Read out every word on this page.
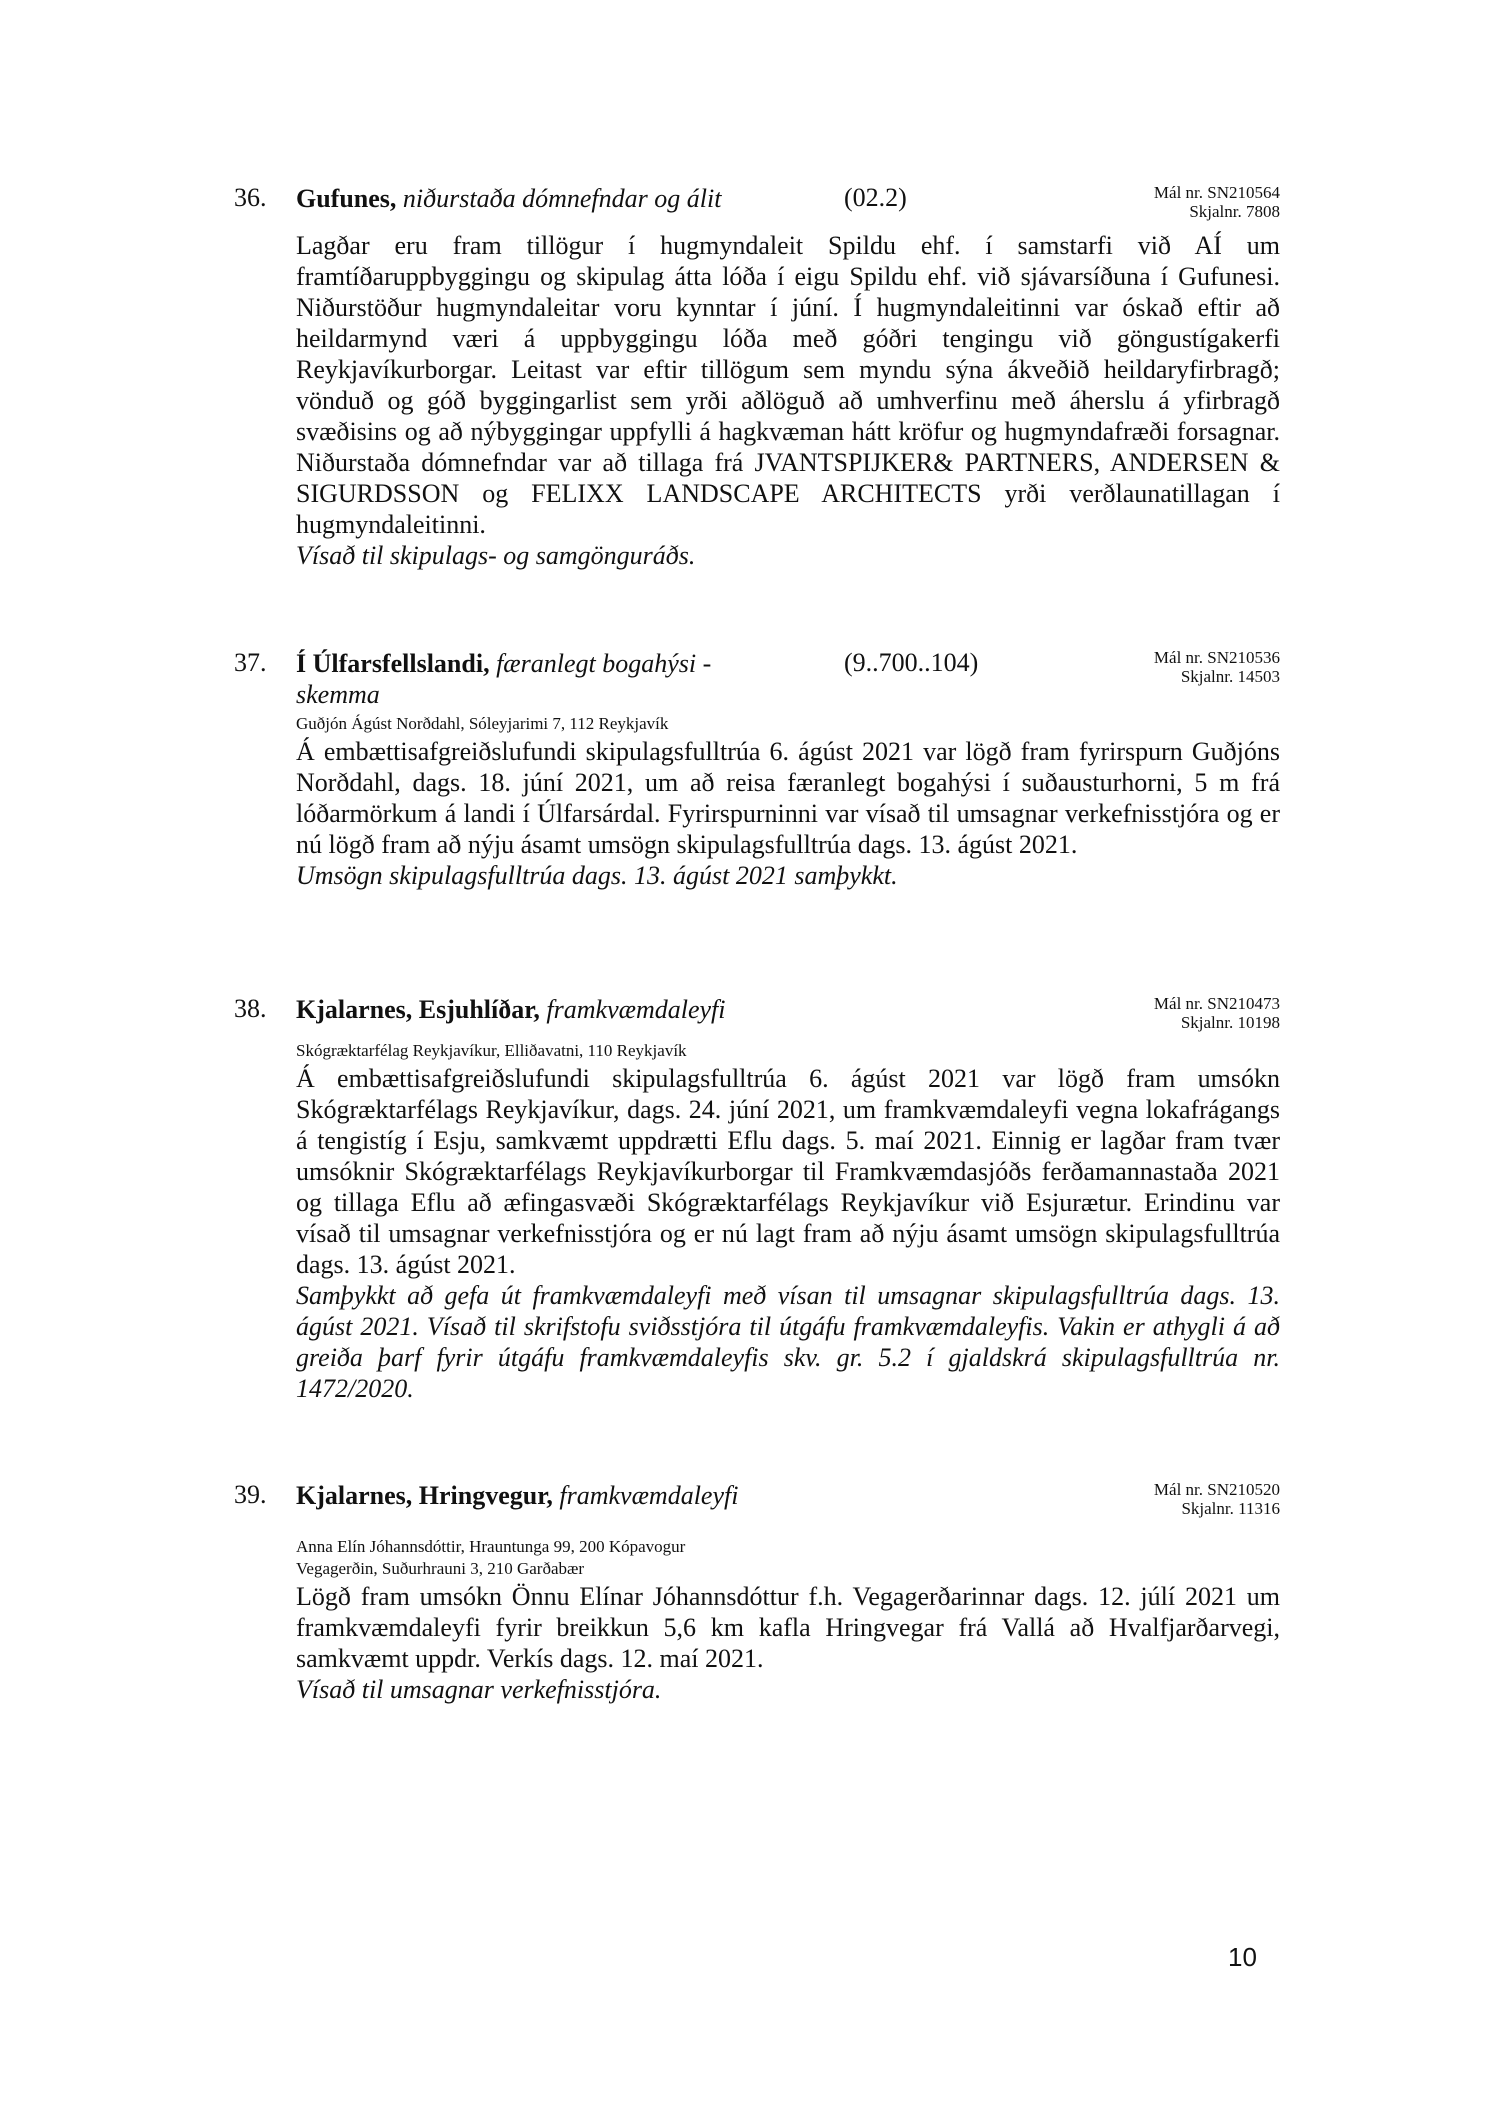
36. Gufunes, niðurstaða dómnefndar og álit	(02.2)	Mál nr. SN210564
Skjalnr. 7808

Lagðar eru fram tillögur í hugmyndaleit Spildu ehf. í samstarfi við AÍ um framtíðaruppbyggingu og skipulag átta lóða í eigu Spildu ehf. við sjávarsíðuna í Gufunesi. Niðurstöður hugmyndaleitar voru kynntar í júní. Í hugmyndaleitinni var óskað eftir að heildarmynd væri á uppbyggingu lóða með góðri tengingu við göngustígakerfi Reykjavíkurborgar. Leitast var eftir tillögum sem myndu sýna ákveðið heildaryfirbragð; vönduð og góð byggingarlist sem yrði aðlöguð að umhverfinu með áherslu á yfirbragð svæðisins og að nýbyggingar uppfylli á hagkvæman hátt kröfur og hugmyndafræði forsagnar. Niðurstaða dómnefndar var að tillaga frá JVANTSPIJKER& PARTNERS, ANDERSEN & SIGURDSSON og FELIXX LANDSCAPE ARCHITECTS yrði verðlaunatillagan í hugmyndaleitinni.

Vísað til skipulags- og samgönguráðs.

37. Í Úlfarsfellslandi, færanlegt bogahýsi - skemma
(9..700..104)	Mál nr. SN210536
Skjalnr. 14503
Guðjón Ágúst Norðdahl, Sóleyjarimi 7, 112 Reykjavík

Á embættisafgreiðslufundi skipulagsfulltrúa 6. ágúst 2021 var lögð fram fyrirspurn Guðjóns Norðdahl, dags. 18. júní 2021, um að reisa færanlegt bogahýsi í suðausturhorni, 5 m frá lóðarmörkum á landi í Úlfarsárdal. Fyrirspurninni var vísað til umsagnar verkefnisstjóra og er nú lögð fram að nýju ásamt umsögn skipulagsfulltrúa dags. 13. ágúst 2021.

Umsögn skipulagsfulltrúa dags. 13. ágúst 2021 samþykkt.

38. Kjalarnes, Esjuhlíðar, framkvæmdaleyfi	Mál nr. SN210473
Skjalnr. 10198
Skógræktarfélag Reykjavíkur, Elliðavatni, 110 Reykjavík

Á embættisafgreiðslufundi skipulagsfulltrúa 6. ágúst 2021 var lögð fram umsókn Skógræktarfélags Reykjavíkur, dags. 24. júní 2021, um framkvæmdaleyfi vegna lokafrágangs á tengistíg í Esju, samkvæmt uppdrætti Eflu dags. 5. maí 2021. Einnig er lagðar fram tvær umsóknir Skógræktarfélags Reykjavíkurborgar til Framkvæmdasjóðs ferðamannastaða 2021 og tillaga Eflu að æfingasvæði Skógræktarfélags Reykjavíkur við Esjurætur. Erindinu var vísað til umsagnar verkefnisstjóra og er nú lagt fram að nýju ásamt umsögn skipulagsfulltrúa dags. 13. ágúst 2021.

Samþykkt að gefa út framkvæmdaleyfi með vísan til umsagnar skipulagsfulltrúa dags. 13. ágúst 2021. Vísað til skrifstofu sviðsstjóra til útgáfu framkvæmdaleyfis. Vakin er athygli á að greiða þarf fyrir útgáfu framkvæmdaleyfis skv. gr. 5.2 í gjaldskrá skipulagsfulltrúa nr. 1472/2020.

39. Kjalarnes, Hringvegur, framkvæmdaleyfi	Mál nr. SN210520
Skjalnr. 11316
Anna Elín Jóhannsdóttir, Hrauntunga 99, 200 Kópavogur
Vegagerðin, Suðurhrauni 3, 210 Garðabær

Lögð fram umsókn Önnu Elínar Jóhannsdóttur f.h. Vegagerðarinnar dags. 12. júlí 2021 um framkvæmdaleyfi fyrir breikkun 5,6 km kafla Hringvegar frá Vallá að Hvalfjarðarvegi, samkvæmt uppdr. Verkís dags. 12. maí 2021.

Vísað til umsagnar verkefnisstjóra.

10
